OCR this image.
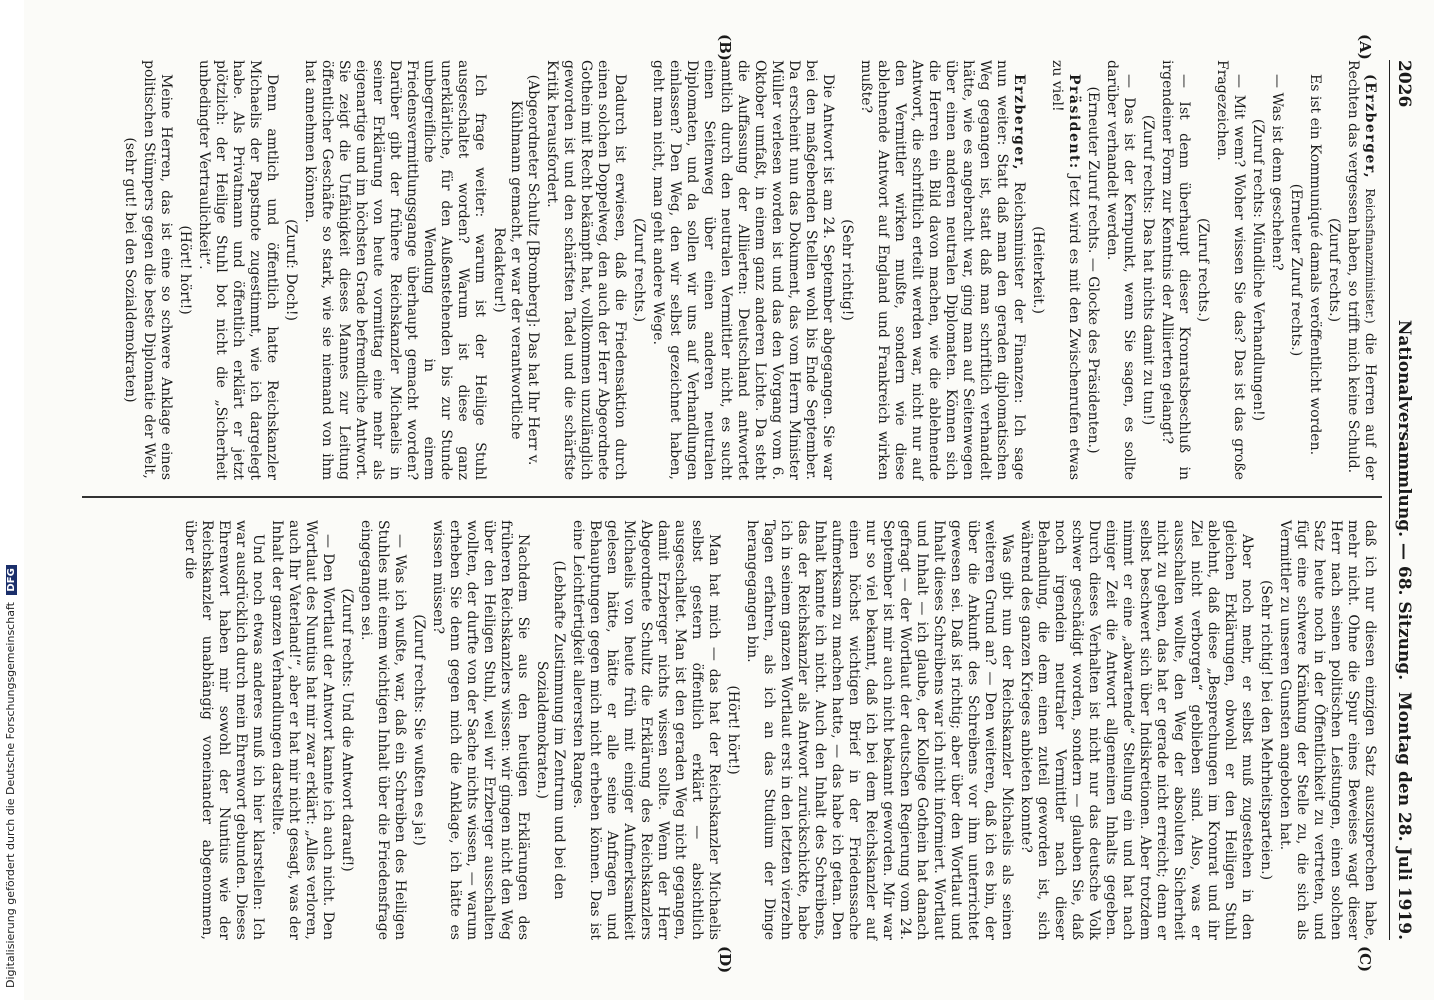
2026
Nationalversammlung. — 68. Sitzung.
Montag den 28. Juli 1919.
(A)
(B)
(C)
(D)

(Erzberger, Reichsfinanzminister.) die Herren auf der Rechten das vergessen haben, so trifft mich keine Schuld.

(Zuruf rechts.)

Es ist ein Kommuniqué damals veröffentlicht worden.

(Erneuter Zuruf rechts.)

— Was ist denn geschehen?

(Zuruf rechts: Mündliche Verhandlungen!)

— Mit wem? Woher wissen Sie das? Das ist das große Fragezeichen.

(Zuruf rechts.)

— Ist denn überhaupt dieser Kronratsbeschluß in irgendeiner Form zur Kenntnis der Alliierten gelangt?

(Zuruf rechts: Das hat nichts damit zu tun!)

— Das ist der Kernpunkt, wenn Sie sagen, es sollte darüber verhandelt werden.

(Erneuter Zuruf rechts. — Glocke des Präsidenten.)

Präsident: Jetzt wird es mit den Zwischenrufen etwas zu viel!

(Heiterkeit.)

Erzberger, Reichsminister der Finanzen: Ich sage nun weiter: Statt daß man den geraden diplomatischen Weg gegangen ist, statt daß man schriftlich verhandelt hätte, wie es angebracht war, ging man auf Seitenwegen über einen anderen neutralen Diplomaten. Können sich die Herren ein Bild davon machen, wie die ablehnende Antwort, die schriftlich erteilt werden war, nicht nur auf den Vermittler wirken mußte, sondern wie diese ablehnende Antwort auf England und Frankreich wirken mußte?

(Sehr richtig!)

Die Antwort ist am 24. September abgegangen. Sie war bei den maßgebenden Stellen wohl bis Ende September. Da erscheint nun das Dokument, das vom Herrn Minister Müller verlesen worden ist und das den Vorgang vom 6. Oktober umfaßt, in einem ganz anderen Lichte. Da steht die Auffassung der Alliierten: Deutschland antwortet amtlich durch den neutralen Vermittler nicht, es sucht einen Seitenweg über einen anderen neutralen Diplomaten, und da sollen wir uns auf Verhandlungen einlassen? Den Weg, den wir selbst gezeichnet haben, geht man nicht, man geht andere Wege.

(Zuruf rechts.)

Dadurch ist erwiesen, daß die Friedensaktion durch einen solchen Doppelweg, den auch der Herr Abgeordnete Gothein mit Recht bekämpft hat, vollkommen unzulänglich geworden ist und den schärfsten Tadel und die schärfste Kritik herausfordert.

(Abgeordneter Schultz [Bromberg]: Das hat Ihr Herr v. Kühlmann gemacht, er war der verantwortliche Redakteur!)

Ich frage weiter: warum ist der Heilige Stuhl ausgeschaltet worden? Warum ist diese ganz unerklärliche, für den Außenstehenden bis zur Stunde unbegreifliche Wendung in einem Friedensvermittlungsgange überhaupt gemacht worden? Darüber gibt der frühere Reichskanzler Michaelis in seiner Erklärung von heute vormittag eine mehr als eigenartige und im höchsten Grade befremdliche Antwort. Sie zeigt die Unfähigkeit dieses Mannes zur Leitung öffentlicher Geschäfte so stark, wie sie niemand von ihm hat annehmen können.

(Zuruf: Doch!)

Denn amtlich und öffentlich hatte Reichskanzler Michaelis der Papstnote zugestimmt, wie ich dargelegt habe. Als Privatmann und öffentlich erklärt er jetzt plötzlich: der Heilige Stuhl bot nicht die „Sicherheit unbedingter Vertraulichkeit“.

(Hört! hört!)

Meine Herren, das ist eine so schwere Anklage eines politischen Stümpers gegen die beste Diplomatie der Welt,

(sehr gut! bei den Sozialdemokraten)

daß ich nur diesen einzigen Satz auszusprechen habe, mehr nicht. Ohne die Spur eines Beweises wagt dieser Herr nach seinen politischen Leistungen, einen solchen Satz heute noch in der Öffentlichkeit zu vertreten, und fügt eine schwere Kränkung der Stelle zu, die sich als Vermittler zu unseren Gunsten angeboten hat.

(Sehr richtig! bei den Mehrheitsparteien.)

Aber noch mehr, er selbst muß zugestehen in den gleichen Erklärungen, obwohl er den Heiligen Stuhl ablehnt, daß diese „Besprechungen im Kronrat und ihr Ziel nicht verborgen“ geblieben sind. Also, was er ausschalten wollte, den Weg der absoluten Sicherheit nicht zu gehen, das hat er gerade nicht erreicht; denn er selbst beschwert sich über Indiskretionen. Aber trotzdem nimmt er eine „abwartende“ Stellung ein und hat nach einiger Zeit die Antwort allgemeinen Inhalts gegeben. Durch dieses Verhalten ist nicht nur das deutsche Volk schwer geschädigt worden, sondern — glauben Sie, daß noch irgendein neutraler Vermittler nach dieser Behandlung, die dem einen zuteil geworden ist, sich während des ganzen Krieges anbieten konnte?

Was gibt nun der Reichskanzler Michaelis als seinen weiteren Grund an? — Den weiteren, daß ich es bin, der über die Ankunft des Schreibens vor ihm unterrichtet gewesen sei. Daß ist richtig; aber über den Wortlaut und Inhalt dieses Schreibens war ich nicht informiert. Wortlaut und Inhalt — ich glaube, der Kollege Gothein hat danach gefragt — der Wortlaut der deutschen Regierung vom 24. September ist mir auch nicht bekannt geworden. Mir war nur so viel bekannt, daß ich bei dem Reichskanzler auf einen höchst wichtigen Brief in der Friedenssache aufmerksam zu machen hatte, — das habe ich getan. Den Inhalt kannte ich nicht. Auch den Inhalt des Schreibens, das der Reichskanzler als Antwort zurückschickte, habe ich in seinem ganzen Wortlaut erst in den letzten vierzehn Tagen erfahren, als ich an das Studium der Dinge herangegangen bin.

(Hört! hört!)

Man hat mich — das hat der Reichskanzler Michaelis selbst gestern öffentlich erklärt — absichtlich ausgeschaltet. Man ist den geraden Weg nicht gegangen, damit Erzberger nichts wissen sollte. Wenn der Herr Abgeordnete Schultz die Erklärung des Reichskanzlers Michaelis von heute früh mit einiger Aufmerksamkeit gelesen hätte, hätte er alle seine Anfragen und Behauptungen gegen mich nicht erheben können. Das ist eine Leichtfertigkeit allerersten Ranges.

(Lebhafte Zustimmung im Zentrum und bei den Sozialdemokraten.)

Nachdem Sie aus den heutigen Erklärungen des früheren Reichskanzlers wissen: wir gingen nicht den Weg über den Heiligen Stuhl, weil wir Erzberger ausschalten wollten, der durfte von der Sache nichts wissen, — warum erheben Sie denn gegen mich die Anklage, ich hätte es wissen müssen?

(Zuruf rechts: Sie wußten es ja!)

— Was ich wußte, war, daß ein Schreiben des Heiligen Stuhles mit einem wichtigen Inhalt über die Friedensfrage eingegangen sei.

(Zuruf rechts: Und die Antwort darauf!)

— Den Wortlaut der Antwort kannte ich auch nicht. Den Wortlaut des Nuntius hat mir zwar erklärt: „Alles verloren, auch Ihr Vaterland!“, aber er hat mir nicht gesagt, was der Inhalt der ganzen Verhandlungen darstellte.

Und noch etwas anderes muß ich hier klarstellen: Ich war ausdrücklich durch mein Ehrenwort gebunden. Dieses Ehrenwort haben mir sowohl der Nuntius wie der Reichskanzler unabhängig voneinander abgenommen, über die

Digitalisierung gefördert durch die Deutsche Forschungsgemeinschaft DFG
